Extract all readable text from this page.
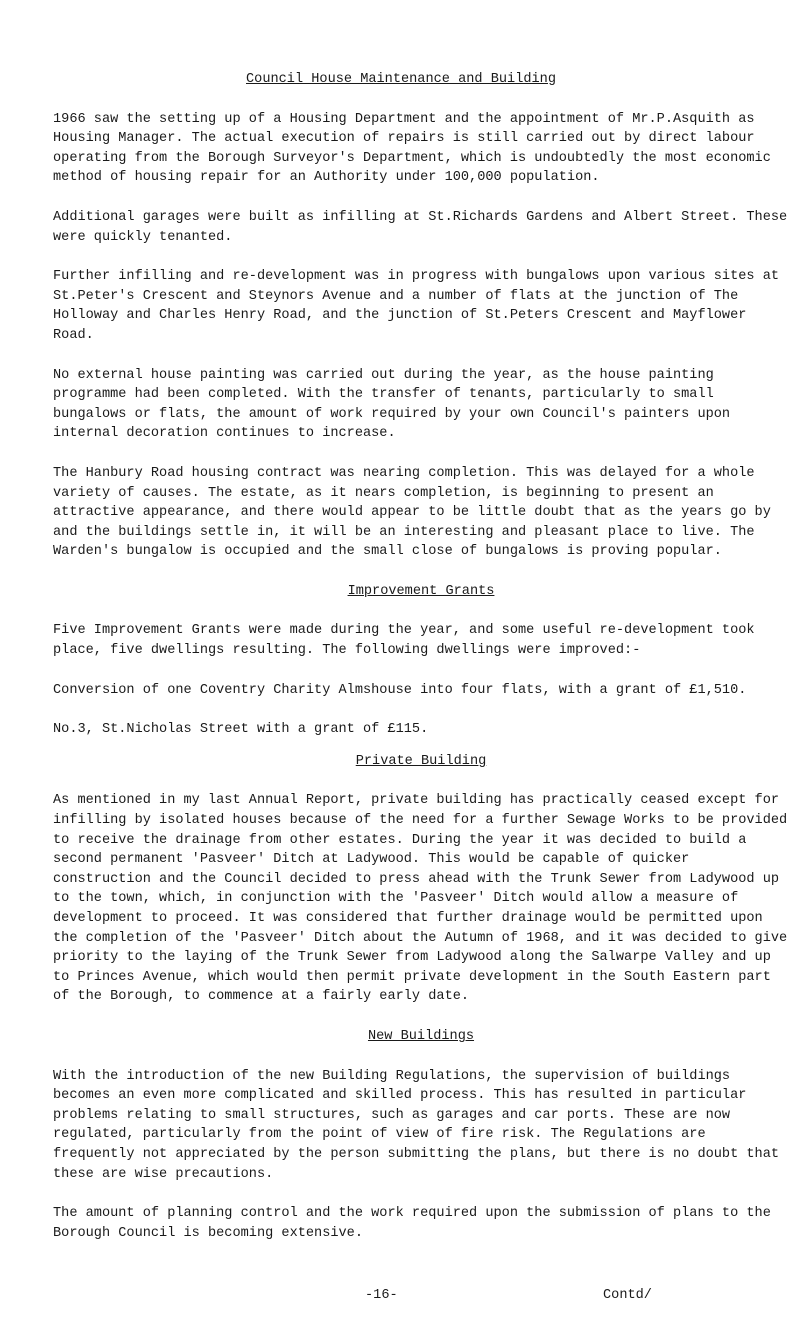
Council House Maintenance and Building

1966 saw the setting up of a Housing Department and the appointment of Mr.P.Asquith as Housing Manager. The actual execution of repairs is still carried out by direct labour operating from the Borough Surveyor's Department, which is undoubtedly the most economic method of housing repair for an Authority under 100,000 population.

Additional garages were built as infilling at St.Richards Gardens and Albert Street. These were quickly tenanted.

Further infilling and re-development was in progress with bungalows upon various sites at St.Peter's Crescent and Steynors Avenue and a number of flats at the junction of The Holloway and Charles Henry Road, and the junction of St.Peters Crescent and Mayflower Road.

No external house painting was carried out during the year, as the house painting programme had been completed. With the transfer of tenants, particularly to small bungalows or flats, the amount of work required by your own Council's painters upon internal decoration continues to increase.

The Hanbury Road housing contract was nearing completion. This was delayed for a whole variety of causes. The estate, as it nears completion, is beginning to present an attractive appearance, and there would appear to be little doubt that as the years go by and the buildings settle in, it will be an interesting and pleasant place to live. The Warden's bungalow is occupied and the small close of bungalows is proving popular.

Improvement Grants

Five Improvement Grants were made during the year, and some useful re-development took place, five dwellings resulting. The following dwellings were improved:-

Conversion of one Coventry Charity Almshouse into four flats, with a grant of £1,510.

No.3, St.Nicholas Street with a grant of £115.

Private Building

As mentioned in my last Annual Report, private building has practically ceased except for infilling by isolated houses because of the need for a further Sewage Works to be provided to receive the drainage from other estates. During the year it was decided to build a second permanent 'Pasveer' Ditch at Ladywood. This would be capable of quicker construction and the Council decided to press ahead with the Trunk Sewer from Ladywood up to the town, which, in conjunction with the 'Pasveer' Ditch would allow a measure of development to proceed. It was considered that further drainage would be permitted upon the completion of the 'Pasveer' Ditch about the Autumn of 1968, and it was decided to give priority to the laying of the Trunk Sewer from Ladywood along the Salwarpe Valley and up to Princes Avenue, which would then permit private development in the South Eastern part of the Borough, to commence at a fairly early date.

New Buildings

With the introduction of the new Building Regulations, the supervision of buildings becomes an even more complicated and skilled process. This has resulted in particular problems relating to small structures, such as garages and car ports. These are now regulated, particularly from the point of view of fire risk. The Regulations are frequently not appreciated by the person submitting the plans, but there is no doubt that these are wise precautions.

The amount of planning control and the work required upon the submission of plans to the Borough Council is becoming extensive.

-16-	Contd/
